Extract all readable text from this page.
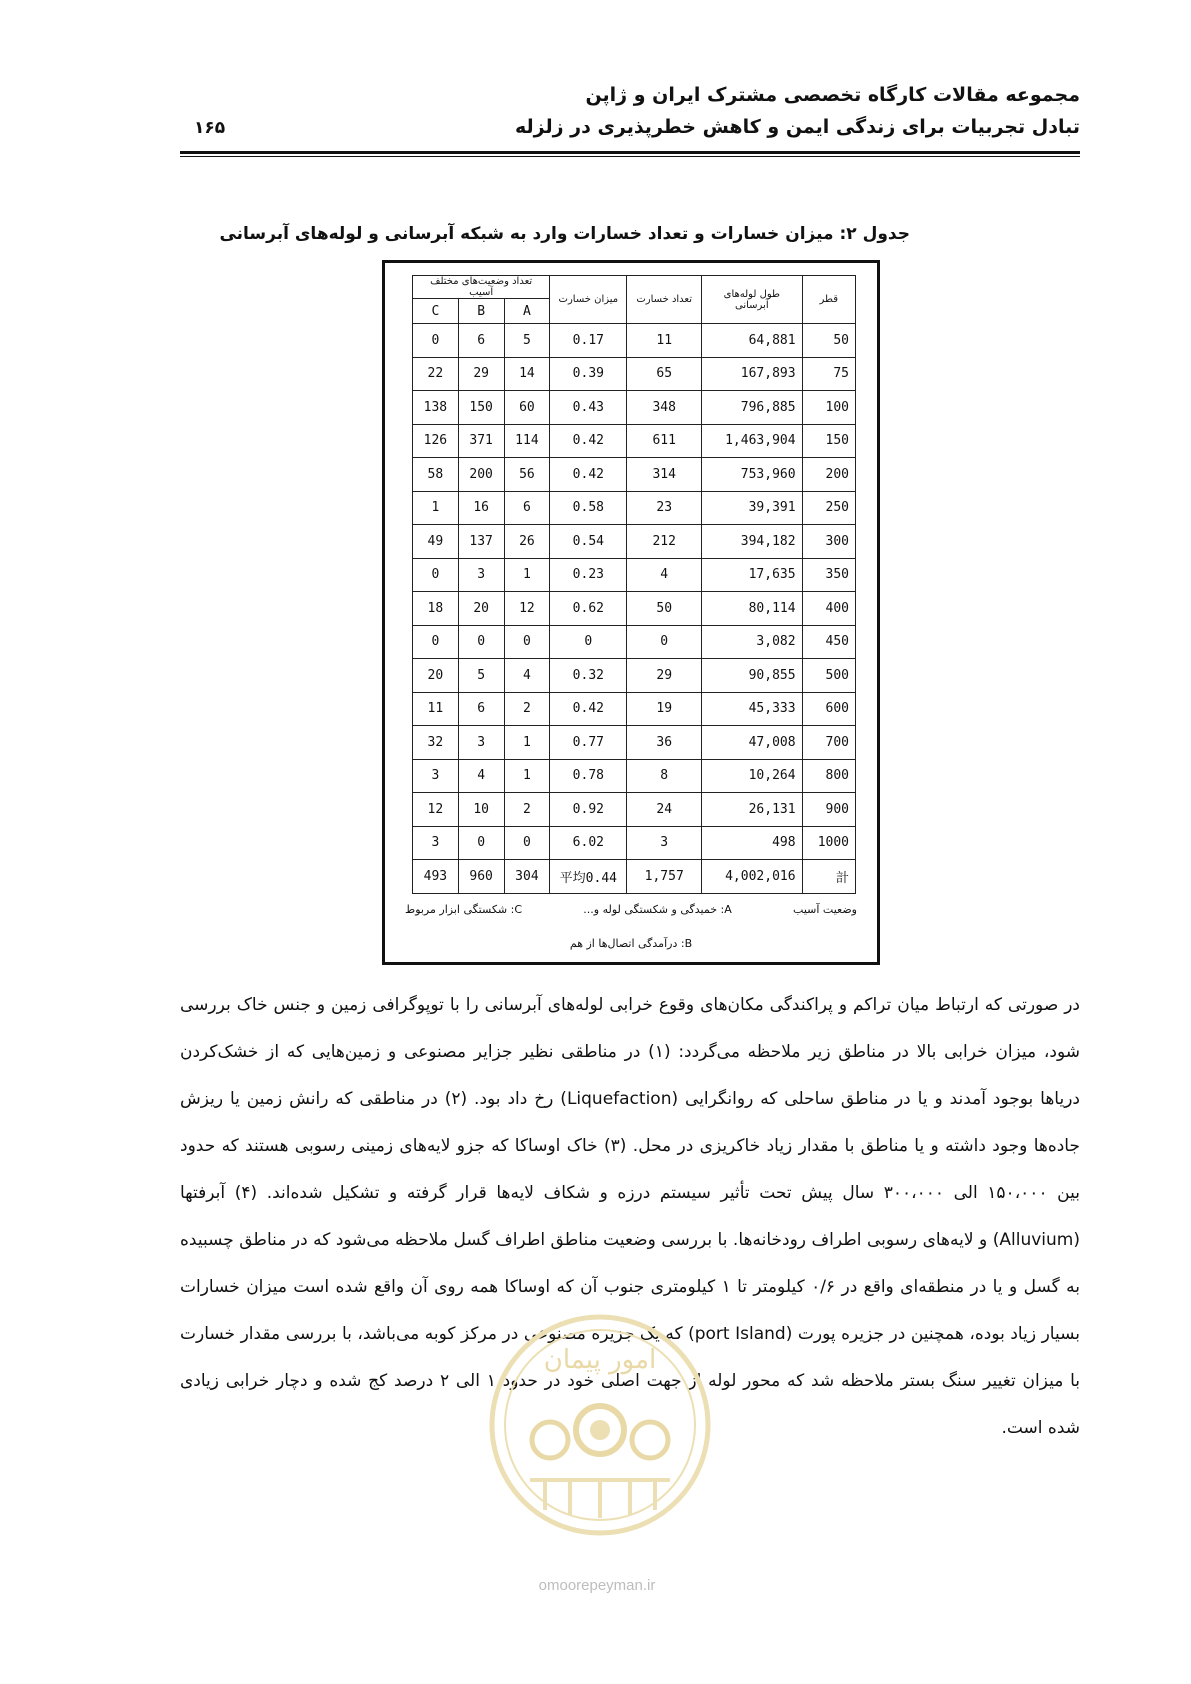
مجموعه مقالات کارگاه تخصصی مشترک ایران و ژاپن
تبادل تجربیات برای زندگی ایمن و کاهش خطرپذیری در زلزله
۱۶۵
جدول ۲: میزان خسارات و تعداد خسارات وارد به شبکه آبرسانی و لوله‌های آبرسانی
تعداد وضعیت‌های مختلف آسیب			میزان خسارت	تعداد خسارت	طول لوله‌های آبرسانی	قطر
C	B	A				
0	6	5	0.17	11	64,881	50
22	29	14	0.39	65	167,893	75
138	150	60	0.43	348	796,885	100
126	371	114	0.42	611	1,463,904	150
58	200	56	0.42	314	753,960	200
1	16	6	0.58	23	39,391	250
49	137	26	0.54	212	394,182	300
0	3	1	0.23	4	17,635	350
18	20	12	0.62	50	80,114	400
0	0	0	0	0	3,082	450
20	5	4	0.32	29	90,855	500
11	6	2	0.42	19	45,333	600
32	3	1	0.77	36	47,008	700
3	4	1	0.78	8	10,264	800
12	10	2	0.92	24	26,131	900
3	0	0	6.02	3	498	1000
493	960	304	平均0.44	1,757	4,002,016	計
وضعیت آسیب
A: خمیدگی و شکستگی لوله و...
C: شکستگی ابزار مربوط
B: درآمدگی اتصال‌ها از هم
در صورتی که ارتباط میان تراکم و پراکندگی مکان‌های وقوع خرابی لوله‌های آبرسانی را با توپوگرافی زمین و جنس خاک بررسی شود، میزان خرابی بالا در مناطق زیر ملاحظه می‌گردد: (۱) در مناطقی نظیر جزایر مصنوعی و زمین‌هایی که از خشک‌کردن دریاها بوجود آمدند و یا در مناطق ساحلی که روانگرایی (Liquefaction) رخ داد بود. (۲) در مناطقی که رانش زمین یا ریزش جاده‌ها وجود داشته و یا مناطق با مقدار زیاد خاکریزی در محل. (۳) خاک اوساکا که جزو لایه‌های زمینی رسوبی هستند که حدود بین ۱۵۰،۰۰۰ الی ۳۰۰،۰۰۰ سال پیش تحت تأثیر سیستم درزه و شکاف لایه‌ها قرار گرفته و تشکیل شده‌اند. (۴) آبرفتها (Alluvium) و لایه‌های رسوبی اطراف رودخانه‌ها. با بررسی وضعیت مناطق اطراف گسل ملاحظه می‌شود که در مناطق چسبیده به گسل و یا در منطقه‌ای واقع در ۰/۶ کیلومتر تا ۱ کیلومتری جنوب آن که اوساکا همه روی آن واقع شده است میزان خسارات بسیار زیاد بوده، همچنین در جزیره پورت (port Island) که یک جزیره مصنوعی در مرکز کوبه می‌باشد، با بررسی مقدار خسارت با میزان تغییر سنگ بستر ملاحظه شد که محور لوله از جهت اصلی خود در حدود ۱ الی ۲ درصد کج شده و دچار خرابی زیادی شده است.
امور پیمان
omoorepeyman.ir
